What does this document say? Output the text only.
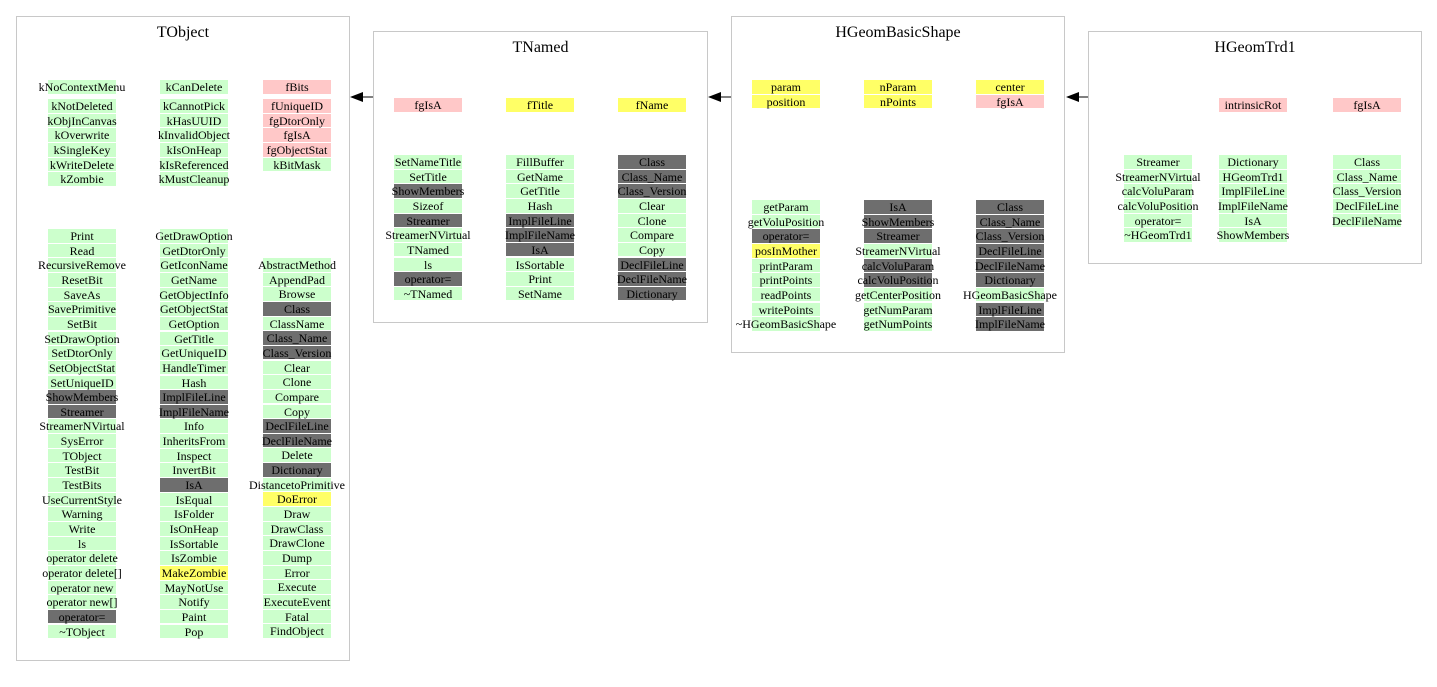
TObject
kNoContextMenu
kNotDeleted
kObjInCanvas
kOverwrite
kSingleKey
kWriteDelete
kZombie
Print
Read
RecursiveRemove
ResetBit
SaveAs
SavePrimitive
SetBit
SetDrawOption
SetDtorOnly
SetObjectStat
SetUniqueID
ShowMembers
Streamer
StreamerNVirtual
SysError
TObject
TestBit
TestBits
UseCurrentStyle
Warning
Write
ls
operator delete
operator delete[]
operator new
operator new[]
operator=
~TObject
kCanDelete
kCannotPick
kHasUUID
kInvalidObject
kIsOnHeap
kIsReferenced
kMustCleanup
GetDrawOption
GetDtorOnly
GetIconName
GetName
GetObjectInfo
GetObjectStat
GetOption
GetTitle
GetUniqueID
HandleTimer
Hash
ImplFileLine
ImplFileName
Info
InheritsFrom
Inspect
InvertBit
IsA
IsEqual
IsFolder
IsOnHeap
IsSortable
IsZombie
MakeZombie
MayNotUse
Notify
Paint
Pop
fBits
fUniqueID
fgDtorOnly
fgIsA
fgObjectStat
kBitMask
AbstractMethod
AppendPad
Browse
Class
ClassName
Class_Name
Class_Version
Clear
Clone
Compare
Copy
DeclFileLine
DeclFileName
Delete
Dictionary
DistancetoPrimitive
DoError
Draw
DrawClass
DrawClone
Dump
Error
Execute
ExecuteEvent
Fatal
FindObject
TNamed
fgIsA
SetNameTitle
SetTitle
ShowMembers
Sizeof
Streamer
StreamerNVirtual
TNamed
ls
operator=
~TNamed
fTitle
FillBuffer
GetName
GetTitle
Hash
ImplFileLine
ImplFileName
IsA
IsSortable
Print
SetName
fName
Class
Class_Name
Class_Version
Clear
Clone
Compare
Copy
DeclFileLine
DeclFileName
Dictionary
HGeomBasicShape
param
position
getParam
getVoluPosition
operator=
posInMother
printParam
printPoints
readPoints
writePoints
~HGeomBasicShape
nParam
nPoints
IsA
ShowMembers
Streamer
StreamerNVirtual
calcVoluParam
calcVoluPosition
getCenterPosition
getNumParam
getNumPoints
center
fgIsA
Class
Class_Name
Class_Version
DeclFileLine
DeclFileName
Dictionary
HGeomBasicShape
ImplFileLine
ImplFileName
HGeomTrd1
Streamer
StreamerNVirtual
calcVoluParam
calcVoluPosition
operator=
~HGeomTrd1
intrinsicRot
Dictionary
HGeomTrd1
ImplFileLine
ImplFileName
IsA
ShowMembers
fgIsA
Class
Class_Name
Class_Version
DeclFileLine
DeclFileName
